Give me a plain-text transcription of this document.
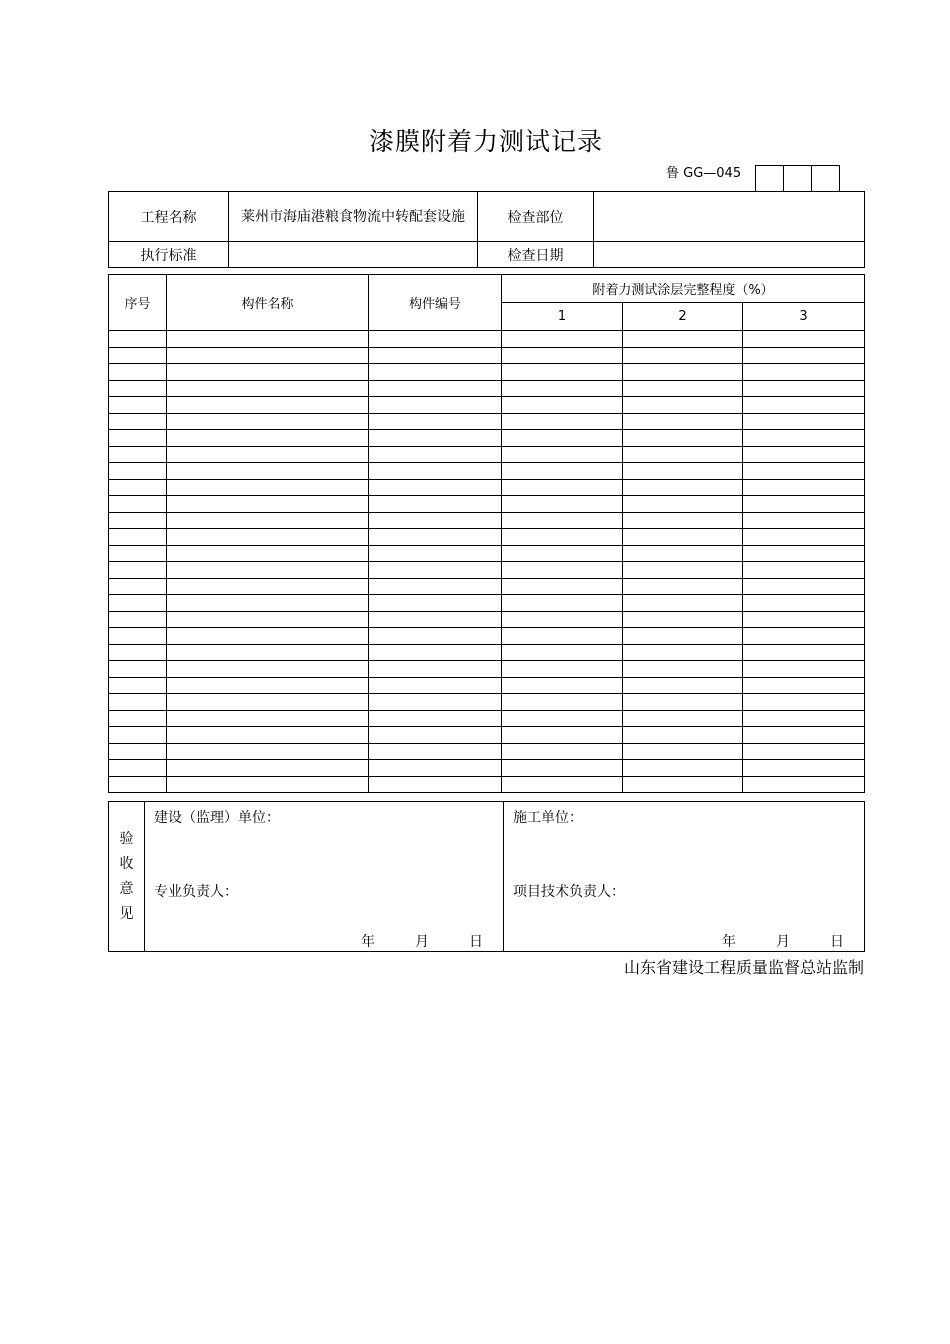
漆膜附着力测试记录
鲁 GG—045
工程名称	莱州市海庙港粮食物流中转配套设施	检查部位	
执行标准		检查日期	
序号	构件名称	构件编号	附着力测试涂层完整程度（%）		
			1	2	3

验
收
意
见

建设（监理）单位：
专业负责人：
年	月	日

施工单位：
项目技术负责人：
年	月	日
山东省建设工程质量监督总站监制
